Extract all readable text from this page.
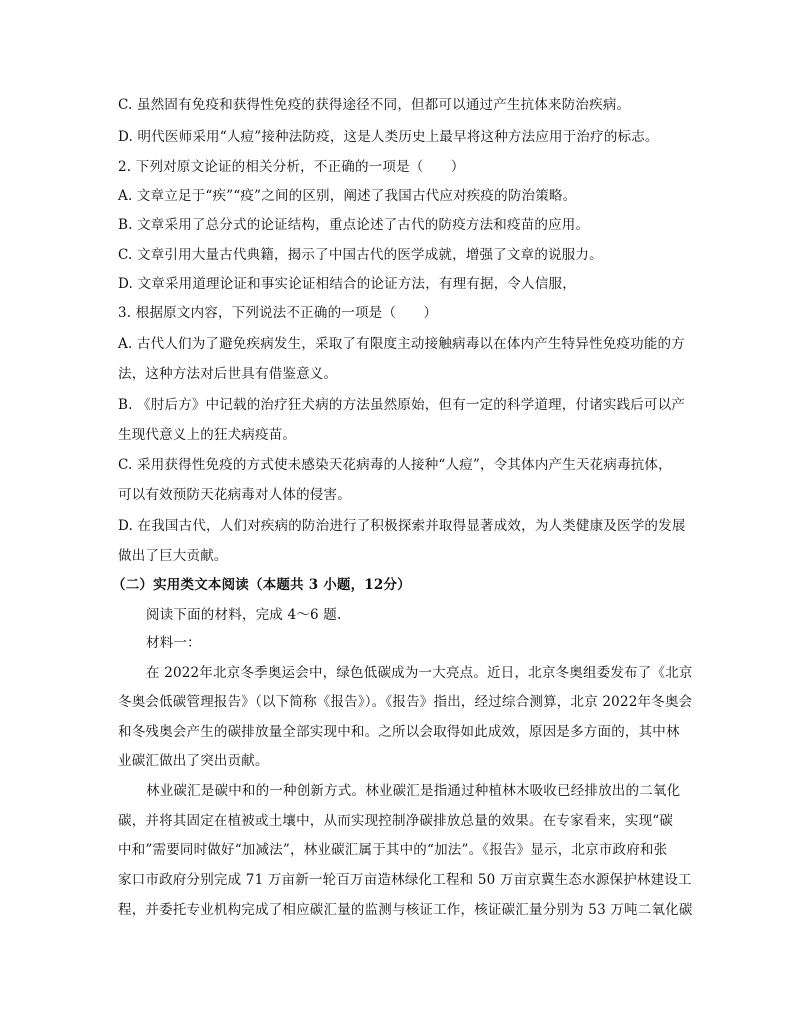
C. 虽然固有免疫和获得性免疫的获得途径不同，但都可以通过产生抗体来防治疾病。
D. 明代医师采用“人痘”接种法防疫，这是人类历史上最早将这种方法应用于治疗的标志。
2. 下列对原文论证的相关分析，不正确的一项是（　　）
A. 文章立足于“疾”“疫”之间的区别，阐述了我国古代应对疾疫的防治策略。
B. 文章采用了总分式的论证结构，重点论述了古代的防疫方法和疫苗的应用。
C. 文章引用大量古代典籍，揭示了中国古代的医学成就，增强了文章的说服力。
D. 文章采用道理论证和事实论证相结合的论证方法，有理有据，令人信服，
3. 根据原文内容，下列说法不正确的一项是（　　）
A. 古代人们为了避免疾病发生，采取了有限度主动接触病毒以在体内产生特异性免疫功能的方
法，这种方法对后世具有借鉴意义。
B. 《肘后方》中记载的治疗狂犬病的方法虽然原始，但有一定的科学道理，付诸实践后可以产
生现代意义上的狂犬病疫苗。
C. 采用获得性免疫的方式使未感染天花病毒的人接种“人痘”，令其体内产生天花病毒抗体，
可以有效预防天花病毒对人体的侵害。
D. 在我国古代，人们对疾病的防治进行了积极探索并取得显著成效，为人类健康及医学的发展
做出了巨大贡献。
（二）实用类文本阅读（本题共 3 小题，12分）
阅读下面的材料，完成 4～6 题.
材料一：
在 2022年北京冬季奥运会中，绿色低碳成为一大亮点。近日，北京冬奥组委发布了《北京
冬奥会低碳管理报告》（以下简称《报告》）。《报告》指出，经过综合测算，北京 2022年冬奥会
和冬残奥会产生的碳排放量全部实现中和。之所以会取得如此成效，原因是多方面的，其中林
业碳汇做出了突出贡献。
林业碳汇是碳中和的一种创新方式。林业碳汇是指通过种植林木吸收已经排放出的二氧化
碳，并将其固定在植被或土壤中，从而实现控制净碳排放总量的效果。在专家看来，实现“碳
中和”需要同时做好“加减法”，林业碳汇属于其中的“加法”。《报告》显示，北京市政府和张
家口市政府分别完成 71 万亩新一轮百万亩造林绿化工程和 50 万亩京冀生态水源保护林建设工
程，并委托专业机构完成了相应碳汇量的监测与核证工作，核证碳汇量分别为 53 万吨二氧化碳
